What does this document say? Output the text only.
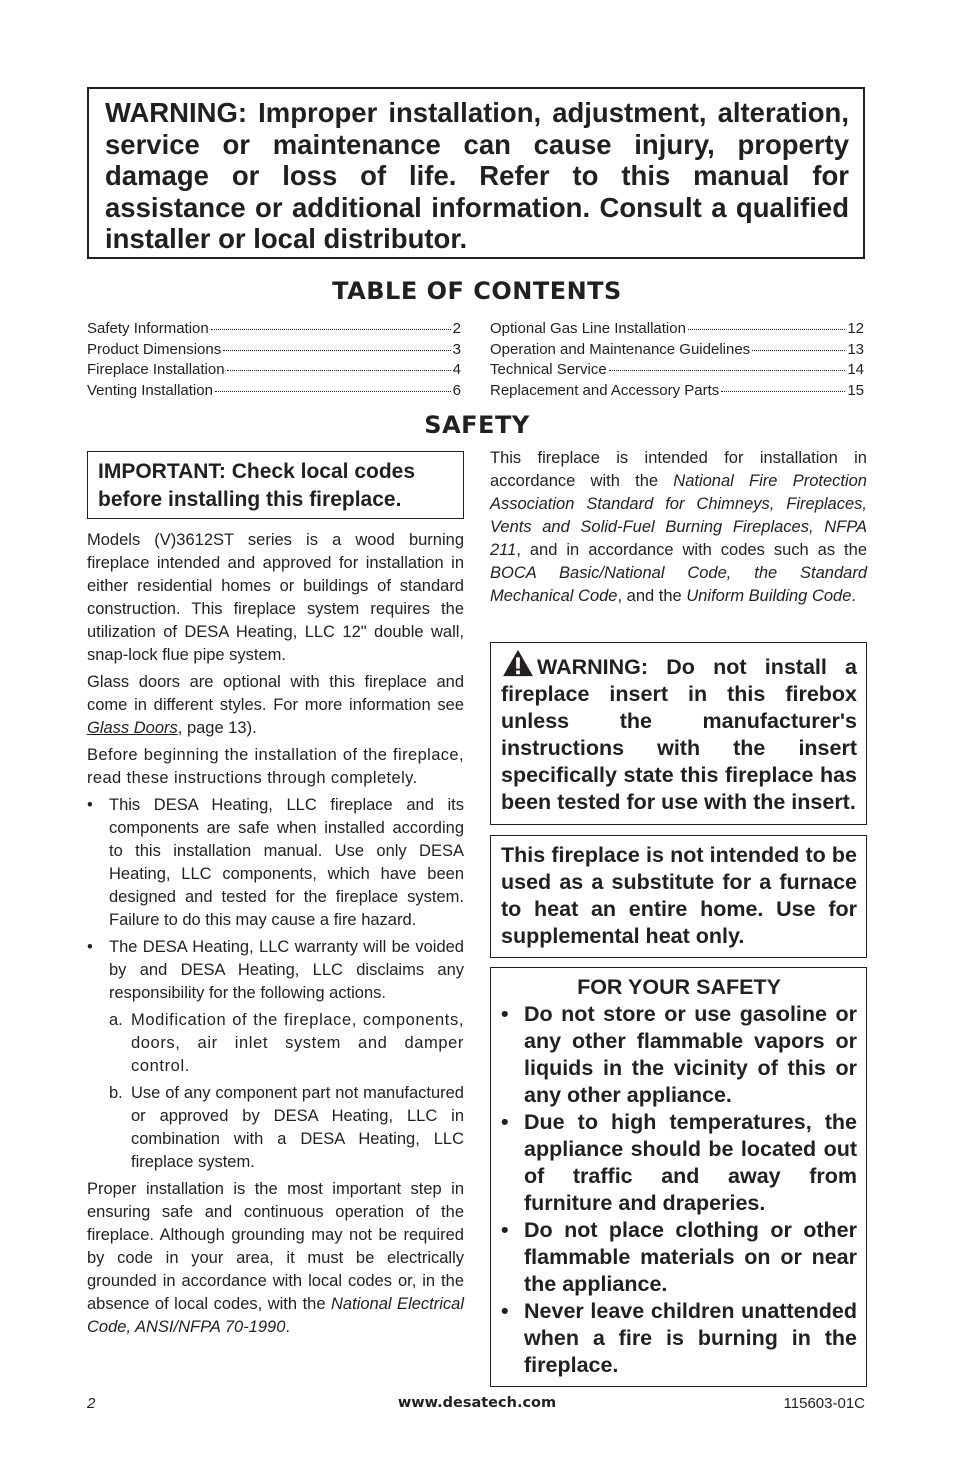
WARNING: Improper installation, adjustment, alteration, service or maintenance can cause injury, property damage or loss of life. Refer to this manual for assistance or additional information. Consult a qualified installer or local distributor.
TABLE OF CONTENTS
Safety Information	2
Product Dimensions	3
Fireplace Installation	4
Venting Installation	6
Optional Gas Line Installation	12
Operation and Maintenance Guidelines	13
Technical Service	14
Replacement and Accessory Parts	15
SAFETY
IMPORTANT: Check local codes before installing this fireplace.

Models (V)3612ST series is a wood burning fireplace intended and approved for installation in either residential homes or buildings of standard construction. This fireplace system requires the utilization of DESA Heating, LLC 12" double wall, snap-lock flue pipe system.

Glass doors are optional with this fireplace and come in different styles. For more information see Glass Doors, page 13).

Before beginning the installation of the fireplace, read these instructions through completely.

• This DESA Heating, LLC fireplace and its components are safe when installed according to this installation manual. Use only DESA Heating, LLC components, which have been designed and tested for the fireplace system. Failure to do this may cause a fire hazard.
• The DESA Heating, LLC warranty will be voided by and DESA Heating, LLC disclaims any responsibility for the following actions.
a. Modification of the fireplace, components, doors, air inlet system and damper control.
b. Use of any component part not manufactured or approved by DESA Heating, LLC in combination with a DESA Heating, LLC fireplace system.

Proper installation is the most important step in ensuring safe and continuous operation of the fireplace. Although grounding may not be required by code in your area, it must be electrically grounded in accordance with local codes or, in the absence of local codes, with the National Electrical Code, ANSI/NFPA 70-1990.

This fireplace is intended for installation in accordance with the National Fire Protection Association Standard for Chimneys, Fireplaces, Vents and Solid-Fuel Burning Fireplaces, NFPA 211, and in accordance with codes such as the BOCA Basic/National Code, the Standard Mechanical Code, and the Uniform Building Code.

WARNING: Do not install a fireplace insert in this firebox unless the manufacturer's instructions with the insert specifically state this fireplace has been tested for use with the insert.
This fireplace is not intended to be used as a substitute for a furnace to heat an entire home. Use for supplemental heat only.
FOR YOUR SAFETY
• Do not store or use gasoline or any other flammable vapors or liquids in the vicinity of this or any other appliance.
• Due to high temperatures, the appliance should be located out of traffic and away from furniture and draperies.
• Do not place clothing or other flammable materials on or near the appliance.
• Never leave children unattended when a fire is burning in the fireplace.
2	www.desatech.com	115603-01C
